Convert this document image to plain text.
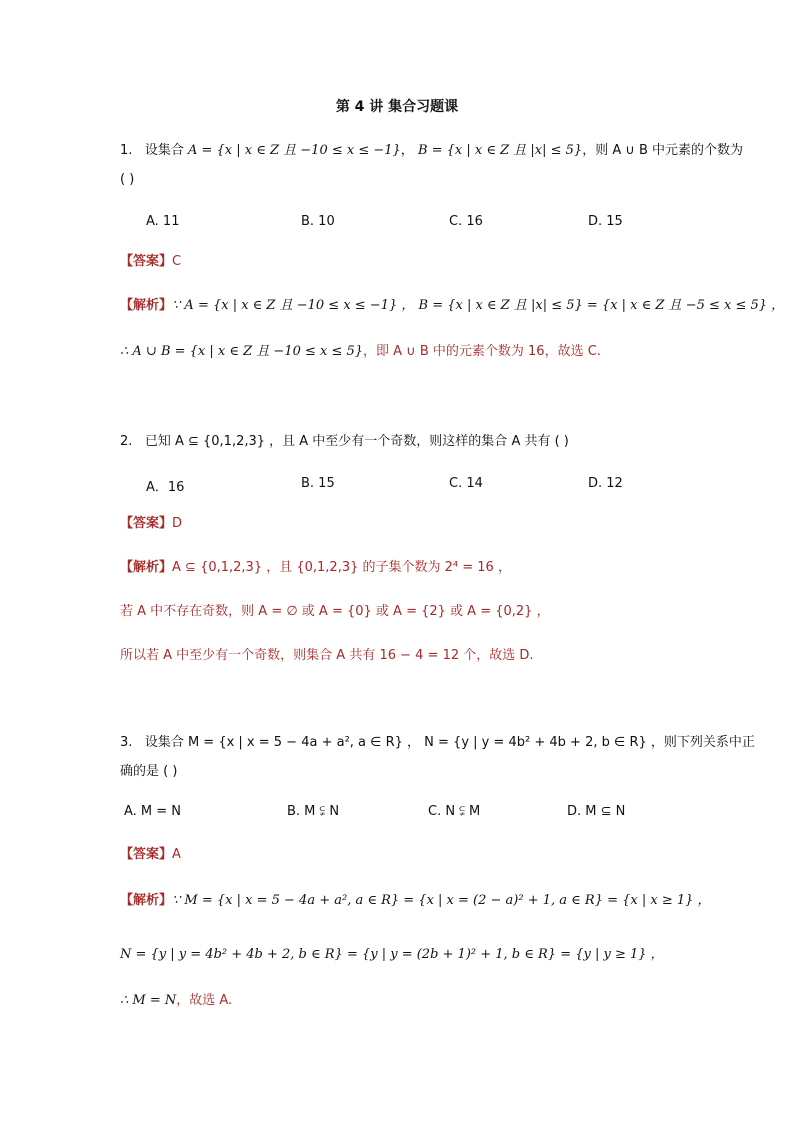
第 4 讲 集合习题课
1. 设集合 A = {x | x ∈ Z 且 −10 ≤ x ≤ −1}， B = {x | x ∈ Z 且 |x| ≤ 5}，则 A ∪ B 中元素的个数为
( )
A. 11	B. 10	C. 16	D. 15
【答案】C
【解析】∵ A = {x | x ∈ Z 且 −10 ≤ x ≤ −1} ， B = {x | x ∈ Z 且 |x| ≤ 5} = {x | x ∈ Z 且 −5 ≤ x ≤ 5} ，
∴ A ∪ B = {x | x ∈ Z 且 −10 ≤ x ≤ 5}，即 A ∪ B 中的元素个数为 16，故选 C.
2. 已知 A ⊆ {0,1,2,3} ，且 A 中至少有一个奇数，则这样的集合 A 共有 ( )
A．16	B. 15	C. 14	D. 12
【答案】D
【解析】A ⊆ {0,1,2,3} ，且 {0,1,2,3} 的子集个数为 2⁴ = 16 ，
若 A 中不存在奇数，则 A = ∅ 或 A = {0} 或 A = {2} 或 A = {0,2} ，
所以若 A 中至少有一个奇数，则集合 A 共有 16 − 4 = 12 个，故选 D.
3. 设集合 M = {x | x = 5 − 4a + a², a ∈ R} ， N = {y | y = 4b² + 4b + 2, b ∈ R} ，则下列关系中正
确的是 ( )
A. M = N	B. M ⫋ N	C. N ⫋ M	D. M ⊆ N
【答案】A
【解析】∵ M = {x | x = 5 − 4a + a², a ∈ R} = {x | x = (2 − a)² + 1, a ∈ R} = {x | x ≥ 1} ，
N = {y | y = 4b² + 4b + 2, b ∈ R} = {y | y = (2b + 1)² + 1, b ∈ R} = {y | y ≥ 1} ，
∴ M = N，故选 A.
